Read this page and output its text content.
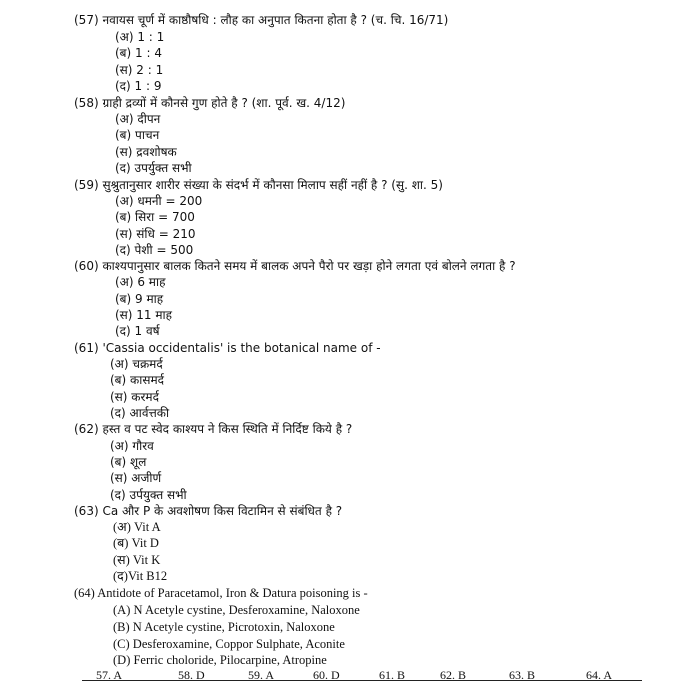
(57) नवायस चूर्ण में काष्ठौषधि : लौह का अनुपात कितना होता है ? (च. चि. 16/71)
(अ) 1 : 1
(ब) 1 : 4
(स) 2 : 1
(द) 1 : 9
(58) ग्राही द्रव्यों में कौनसे गुण होते है ? (शा. पूर्व. ख. 4/12)
(अ) दीपन
(ब) पाचन
(स) द्रवशोषक
(द) उपर्युक्त सभी
(59) सुश्रुतानुसार शारीर संख्या के संदर्भ में कौनसा मिलाप सहीं नहीं है ? (सु. शा. 5)
(अ) धमनी = 200
(ब) सिरा = 700
(स) संधि = 210
(द) पेशी = 500
(60) काश्यपानुसार बालक कितने समय में बालक अपने पैरो पर खड़ा होने लगता एवं बोलने लगता है ?
(अ) 6 माह
(ब) 9 माह
(स) 11 माह
(द) 1 वर्ष
(61) 'Cassia occidentalis' is the botanical name of -
(अ) चक्रमर्द
(ब) कासमर्द
(स) करमर्द
(द) आर्वत्तकी
(62) हस्त व पट स्वेद काश्यप ने किस स्थिति में निर्दिष्ट किये है ?
(अ) गौरव
(ब) शूल
(स) अजीर्ण
(द) उर्पयुक्त सभी
(63) Ca और P के अवशोषण किस विटामिन से संबंधित है ?
(अ) Vit A
(ब) Vit D
(स) Vit K
(द)Vit B12
(64) Antidote of Paracetamol, Iron & Datura poisoning is -
(A) N Acetyle cystine, Desferoxamine, Naloxone
(B) N Acetyle cystine, Picrotoxin, Naloxone
(C) Desferoxamine, Coppor Sulphate, Aconite
(D) Ferric choloride, Pilocarpine, Atropine
57. A	58. D	59. A	60. D	61. B	62. B	63. B	64. A
